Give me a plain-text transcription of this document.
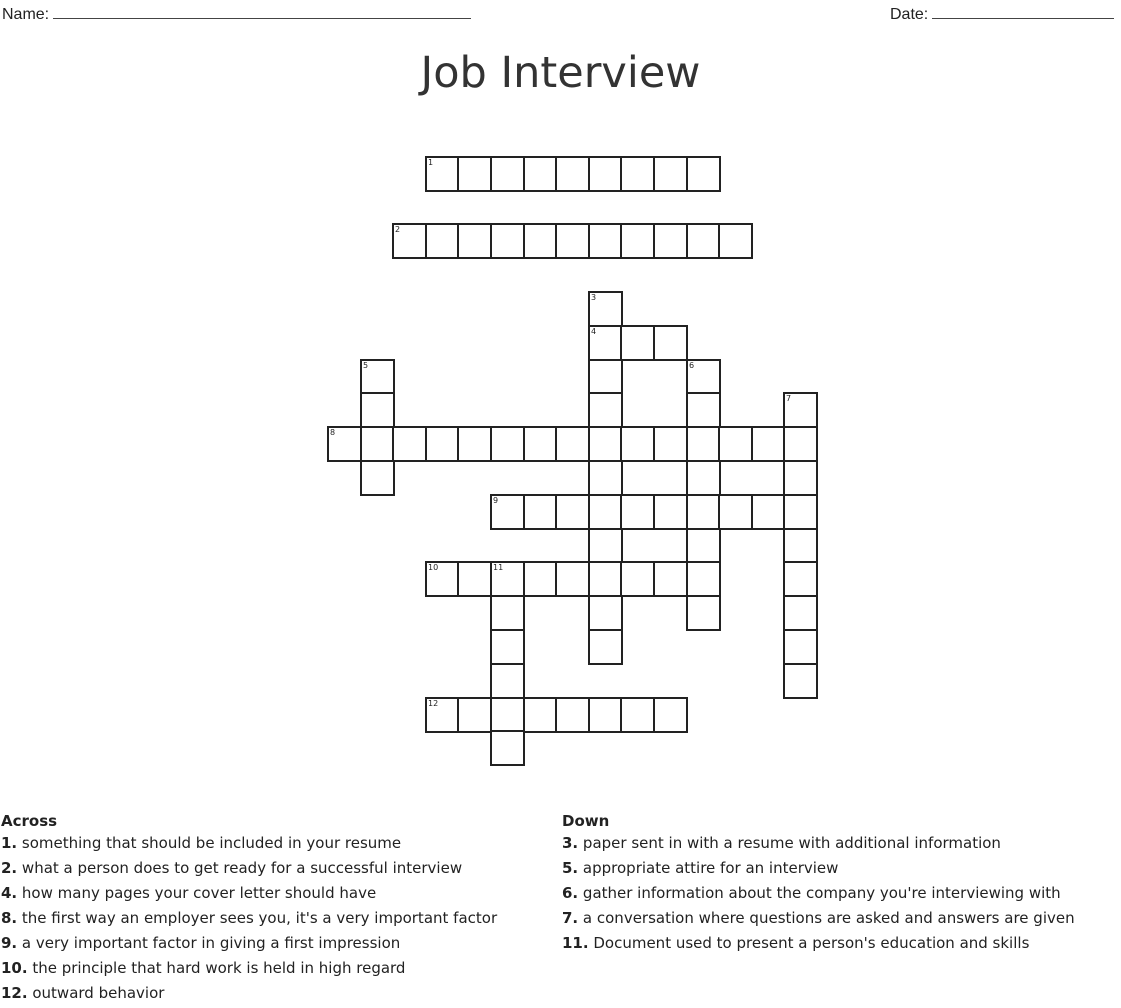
Name:	Date:
Job Interview
1
2
3
4
5	6
7
8
9
10	11
12
Across
1. something that should be included in your resume
2. what a person does to get ready for a successful interview
4. how many pages your cover letter should have
8. the first way an employer sees you, it's a very important factor
9. a very important factor in giving a first impression
10. the principle that hard work is held in high regard
12. outward behavior
Down
3. paper sent in with a resume with additional information
5. appropriate attire for an interview
6. gather information about the company you're interviewing with
7. a conversation where questions are asked and answers are given
11. Document used to present a person's education and skills
